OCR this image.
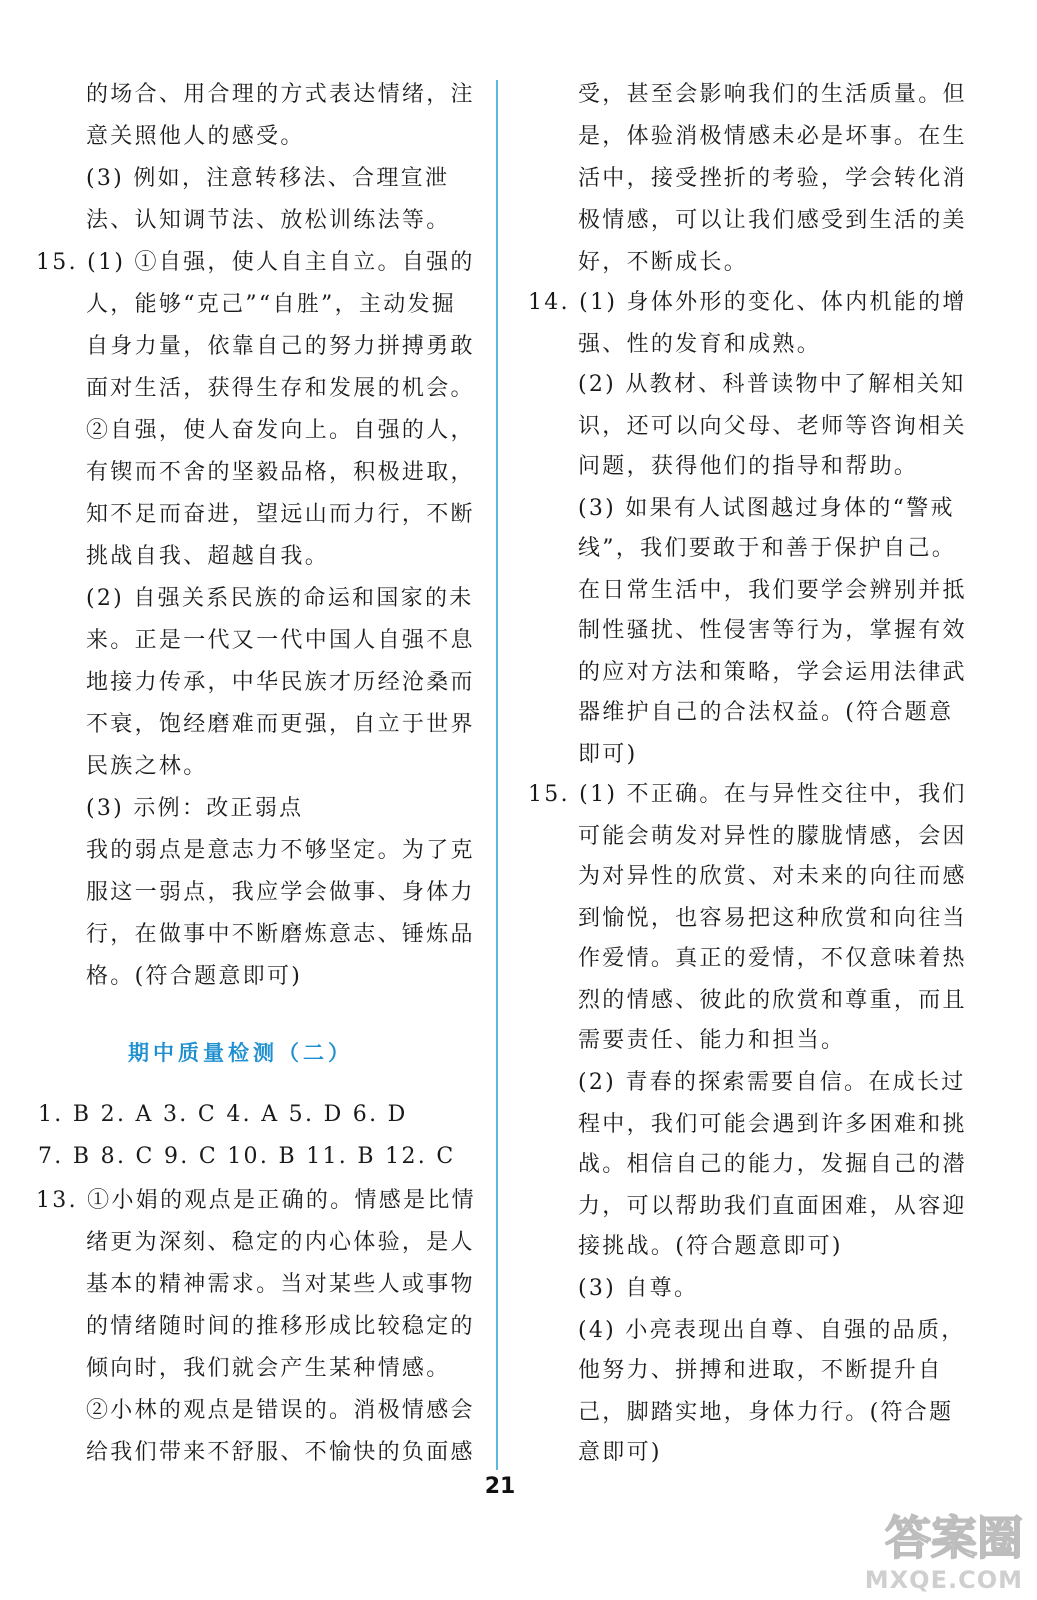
的场合、用合理的方式表达情绪，注
意关照他人的感受。
(3) 例如，注意转移法、合理宣泄
法、认知调节法、放松训练法等。
15. (1) ①自强，使人自主自立。自强的
人，能够“克己”“自胜”，主动发掘
自身力量，依靠自己的努力拼搏勇敢
面对生活，获得生存和发展的机会。
②自强，使人奋发向上。自强的人，
有锲而不舍的坚毅品格，积极进取，
知不足而奋进，望远山而力行，不断
挑战自我、超越自我。
(2) 自强关系民族的命运和国家的未
来。正是一代又一代中国人自强不息
地接力传承，中华民族才历经沧桑而
不衰，饱经磨难而更强，自立于世界
民族之林。
(3) 示例：改正弱点
我的弱点是意志力不够坚定。为了克
服这一弱点，我应学会做事、身体力
行，在做事中不断磨炼意志、锤炼品
格。(符合题意即可)
1. B 2. A 3. C 4. A 5. D 6. D
7. B 8. C 9. C 10. B 11. B 12. C
13. ①小娟的观点是正确的。情感是比情
绪更为深刻、稳定的内心体验，是人
基本的精神需求。当对某些人或事物
的情绪随时间的推移形成比较稳定的
倾向时，我们就会产生某种情感。
②小林的观点是错误的。消极情感会
给我们带来不舒服、不愉快的负面感
期中质量检测（二）
受，甚至会影响我们的生活质量。但
是，体验消极情感未必是坏事。在生
活中，接受挫折的考验，学会转化消
极情感，可以让我们感受到生活的美
好，不断成长。
14. (1) 身体外形的变化、体内机能的增
强、性的发育和成熟。
(2) 从教材、科普读物中了解相关知
识，还可以向父母、老师等咨询相关
问题，获得他们的指导和帮助。
(3) 如果有人试图越过身体的“警戒
线”，我们要敢于和善于保护自己。
在日常生活中，我们要学会辨别并抵
制性骚扰、性侵害等行为，掌握有效
的应对方法和策略，学会运用法律武
器维护自己的合法权益。(符合题意
即可)
15. (1) 不正确。在与异性交往中，我们
可能会萌发对异性的朦胧情感，会因
为对异性的欣赏、对未来的向往而感
到愉悦，也容易把这种欣赏和向往当
作爱情。真正的爱情，不仅意味着热
烈的情感、彼此的欣赏和尊重，而且
需要责任、能力和担当。
(2) 青春的探索需要自信。在成长过
程中，我们可能会遇到许多困难和挑
战。相信自己的能力，发掘自己的潜
力，可以帮助我们直面困难，从容迎
接挑战。(符合题意即可)
(3) 自尊。
(4) 小亮表现出自尊、自强的品质，
他努力、拼搏和进取，不断提升自
己，脚踏实地，身体力行。(符合题
意即可)
21
答案圈
MXQE.COM
